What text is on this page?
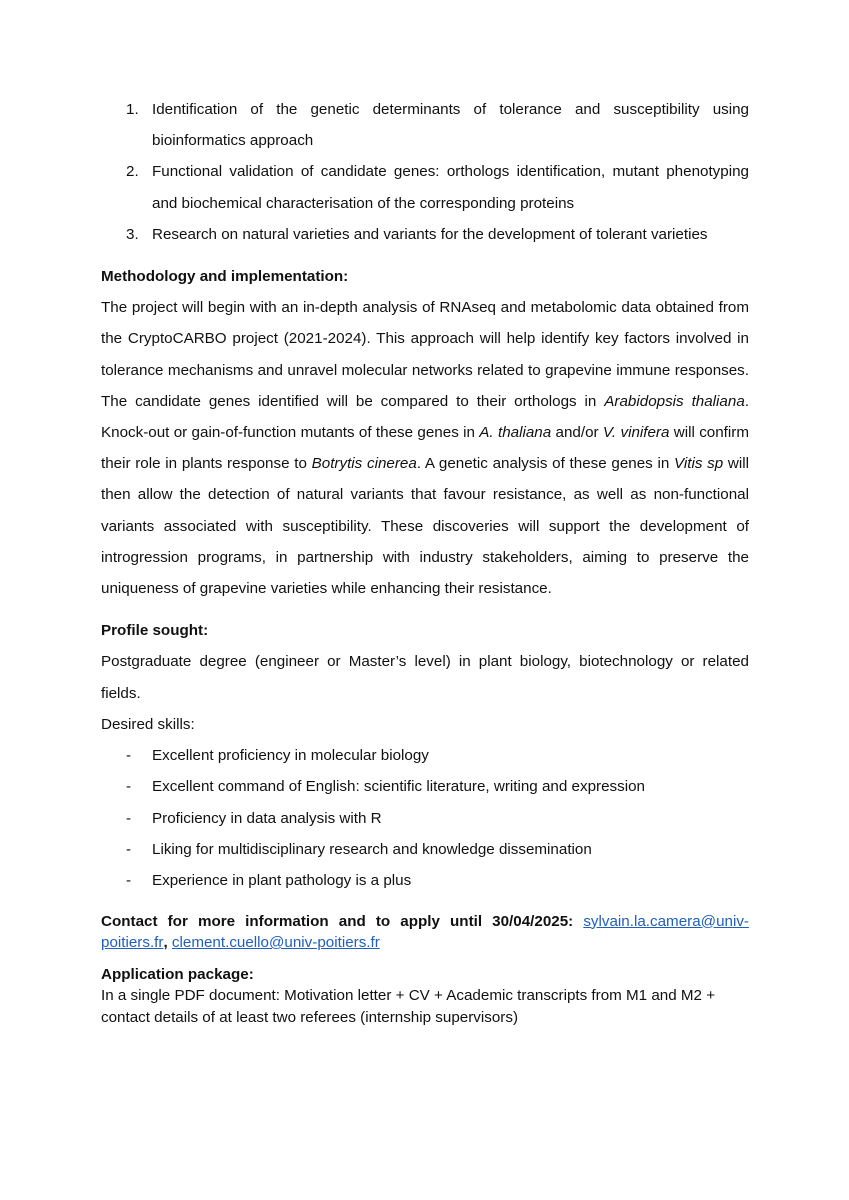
1. Identification of the genetic determinants of tolerance and susceptibility using bioinformatics approach
2. Functional validation of candidate genes: orthologs identification, mutant phenotyping and biochemical characterisation of the corresponding proteins
3. Research on natural varieties and variants for the development of tolerant varieties
Methodology and implementation:

The project will begin with an in-depth analysis of RNAseq and metabolomic data obtained from the CryptoCARBO project (2021-2024). This approach will help identify key factors involved in tolerance mechanisms and unravel molecular networks related to grapevine immune responses. The candidate genes identified will be compared to their orthologs in Arabidopsis thaliana. Knock-out or gain-of-function mutants of these genes in A. thaliana and/or V. vinifera will confirm their role in plants response to Botrytis cinerea. A genetic analysis of these genes in Vitis sp will then allow the detection of natural variants that favour resistance, as well as non-functional variants associated with susceptibility. These discoveries will support the development of introgression programs, in partnership with industry stakeholders, aiming to preserve the uniqueness of grapevine varieties while enhancing their resistance.

Profile sought:

Postgraduate degree (engineer or Master’s level) in plant biology, biotechnology or related fields.

Desired skills:

-	Excellent proficiency in molecular biology
-	Excellent command of English: scientific literature, writing and expression
-	Proficiency in data analysis with R
-	Liking for multidisciplinary research and knowledge dissemination
-	Experience in plant pathology is a plus

Contact for more information and to apply until 30/04/2025: sylvain.la.camera@univ-poitiers.fr, clement.cuello@univ-poitiers.fr

Application package:

In a single PDF document: Motivation letter + CV + Academic transcripts from M1 and M2 + contact details of at least two referees (internship supervisors)
